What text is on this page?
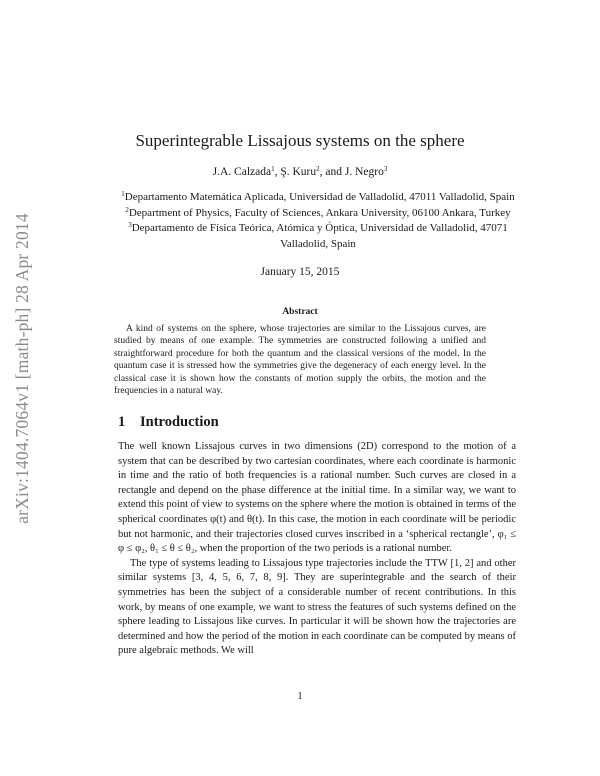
arXiv:1404.7064v1 [math-ph] 28 Apr 2014
Superintegrable Lissajous systems on the sphere
J.A. Calzada$^1$, Ş. Kuru$^2$, and J. Negro$^3$
$^1$Departamento Matemática Aplicada, Universidad de Valladolid, 47011 Valladolid, Spain
$^2$Department of Physics, Faculty of Sciences, Ankara University, 06100 Ankara, Turkey
$^3$Departamento de Física Teórica, Atómica y Óptica, Universidad de Valladolid, 47071 Valladolid, Spain
January 15, 2015
Abstract

A kind of systems on the sphere, whose trajectories are similar to the Lissajous curves, are studied by means of one example. The symmetries are constructed following a unified and straightforward procedure for both the quantum and the classical versions of the model. In the quantum case it is stressed how the symmetries give the degeneracy of each energy level. In the classical case it is shown how the constants of motion supply the orbits, the motion and the frequencies in a natural way.

1 Introduction

The well known Lissajous curves in two dimensions (2D) correspond to the motion of a system that can be described by two cartesian coordinates, where each coordinate is harmonic in time and the ratio of both frequencies is a rational number. Such curves are closed in a rectangle and depend on the phase difference at the initial time. In a similar way, we want to extend this point of view to systems on the sphere where the motion is obtained in terms of the spherical coordinates φ(t) and θ(t). In this case, the motion in each coordinate will be periodic but not harmonic, and their trajectories closed curves inscribed in a ‘spherical rectangle’, φ₁ ≤ φ ≤ φ₂, θ₁ ≤ θ ≤ θ₂, when the proportion of the two periods is a rational number.

The type of systems leading to Lissajous type trajectories include the TTW [1, 2] and other similar systems [3, 4, 5, 6, 7, 8, 9]. They are superintegrable and the search of their symmetries has been the subject of a considerable number of recent contributions. In this work, by means of one example, we want to stress the features of such systems defined on the sphere leading to Lissajous like curves. In particular it will be shown how the trajectories are determined and how the period of the motion in each coordinate can be computed by means of pure algebraic methods. We will

1
